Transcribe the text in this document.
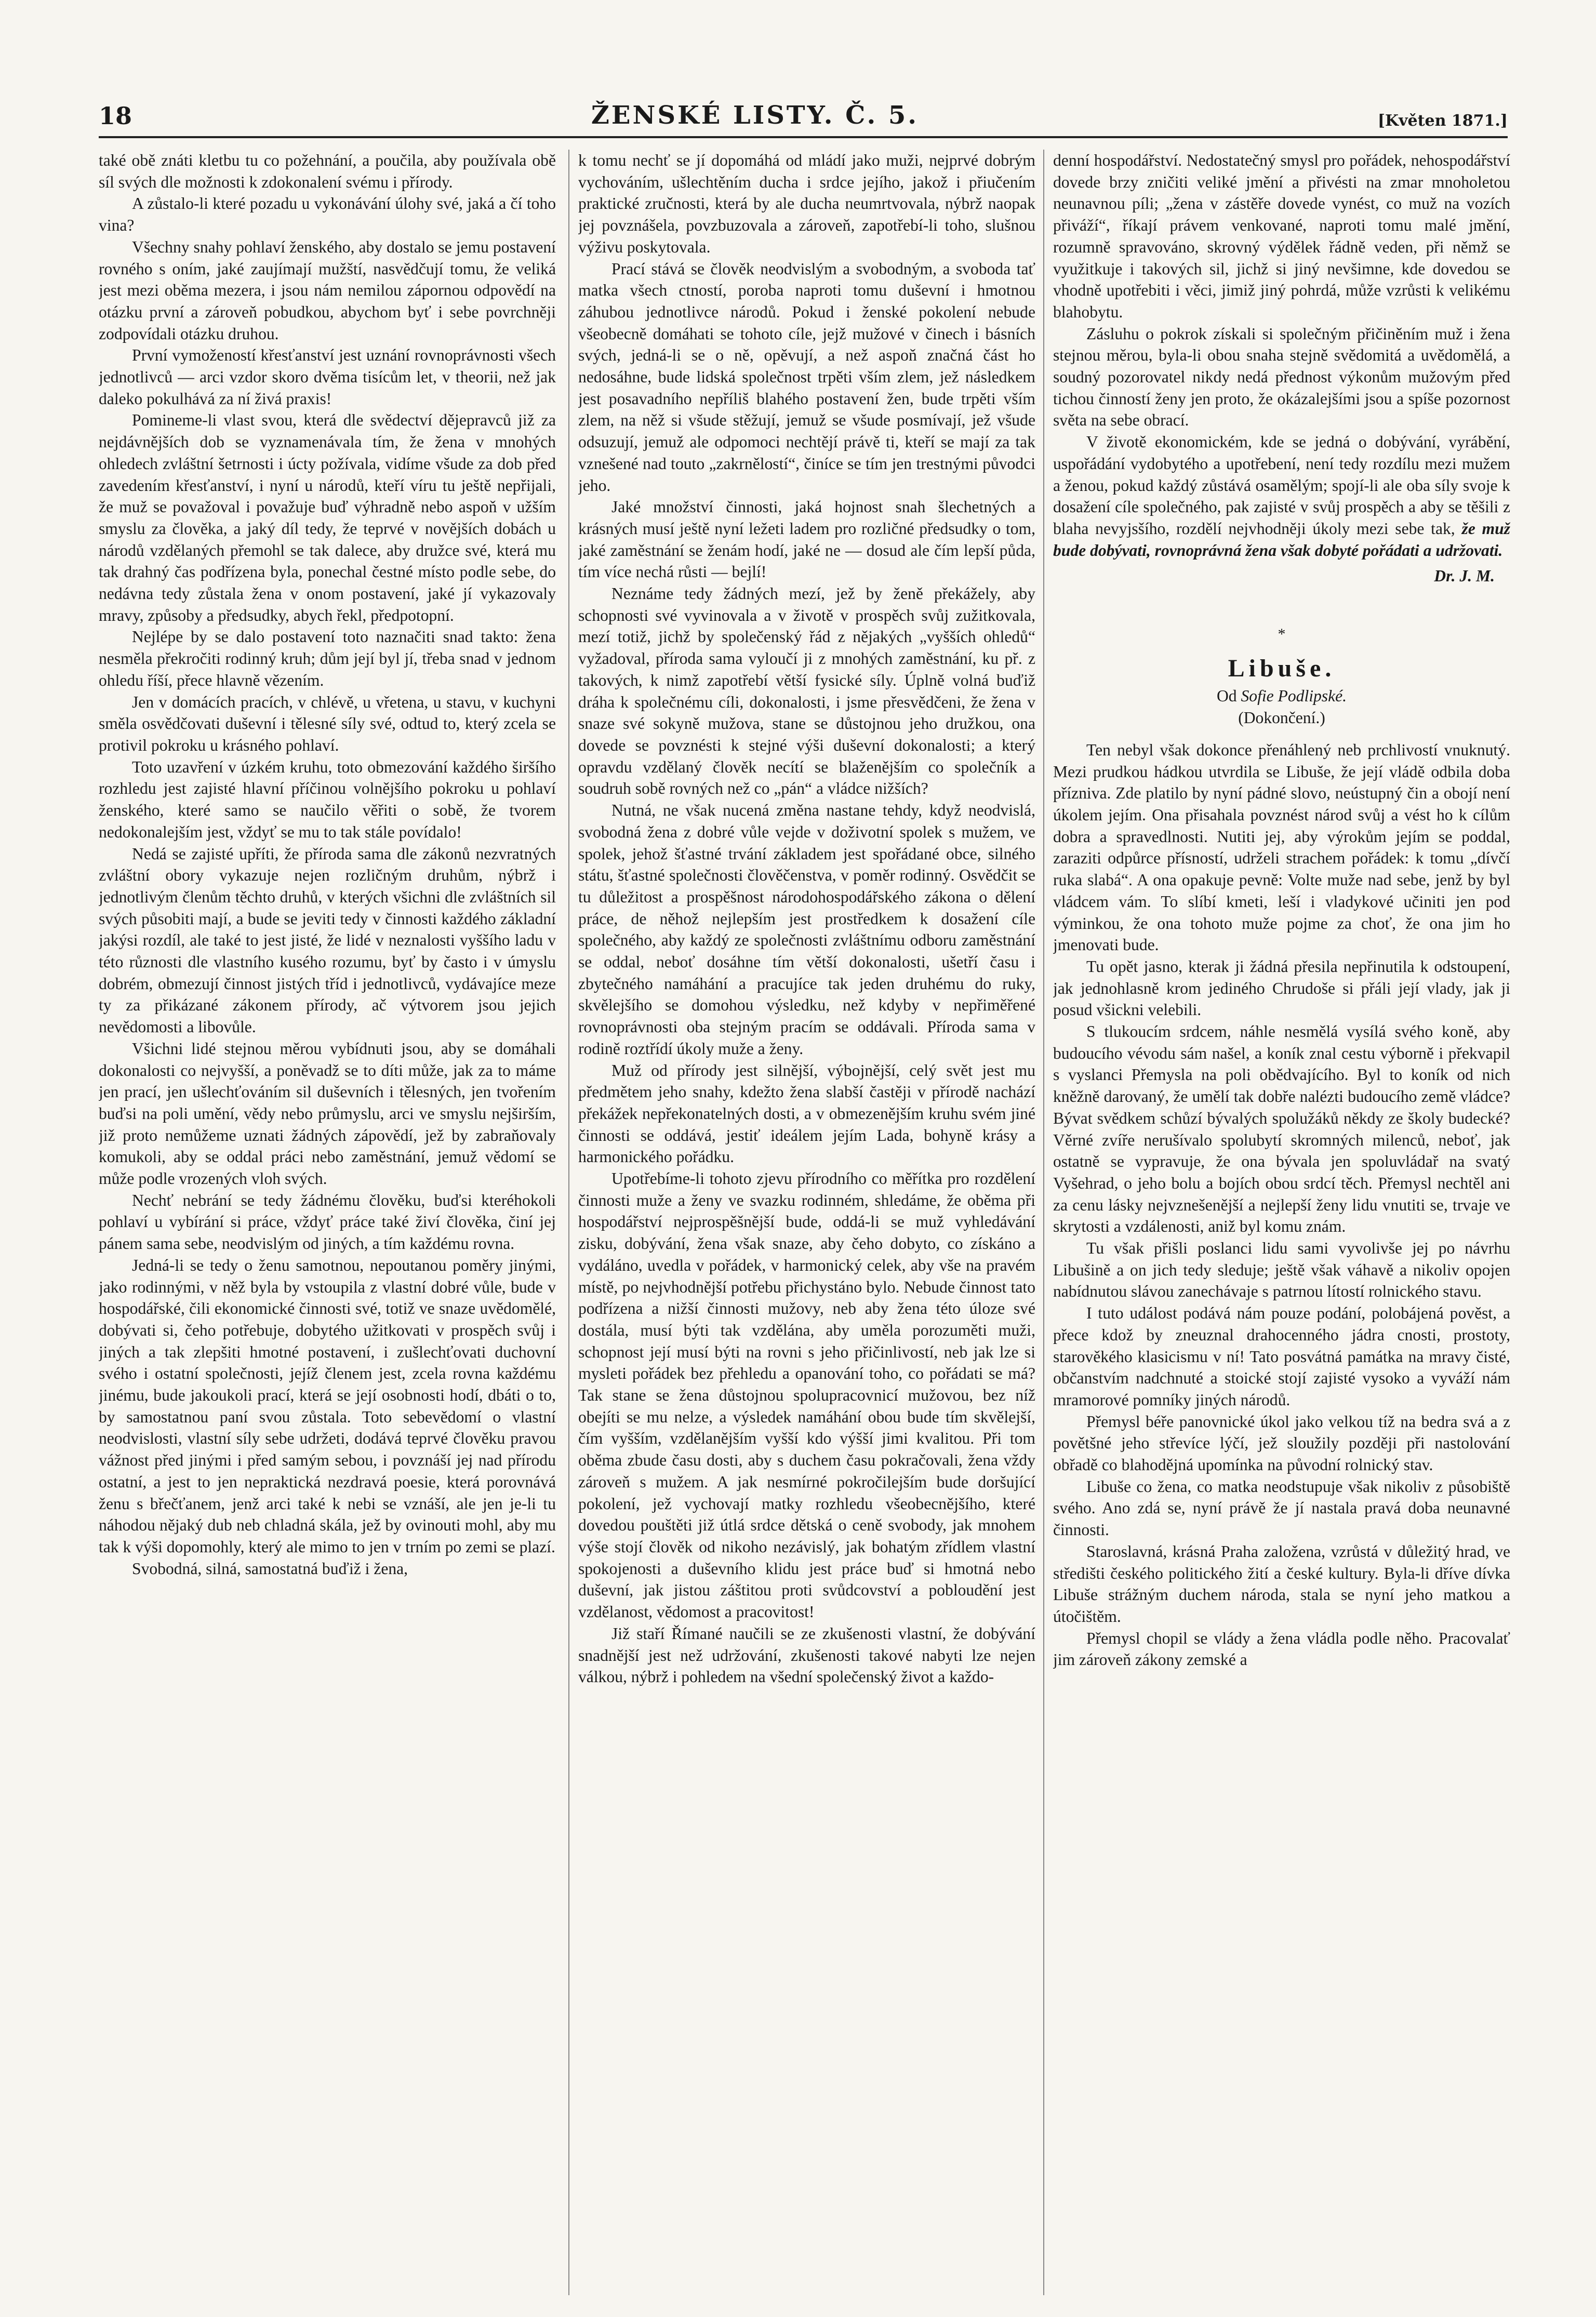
18	ŽENSKÉ LISTY. Č. 5.	[Květen 1871.]

také obě znáti kletbu tu co požehnání, a poučila, aby používala obě síl svých dle možnosti k zdokonalení svému i přírody.

A zůstalo-li které pozadu u vykonávání úlohy své, jaká a čí toho vina?

Všechny snahy pohlaví ženského, aby dostalo se jemu postavení rovného s oním, jaké zaujímají mužští, nasvědčují tomu, že veliká jest mezi oběma mezera, i jsou nám nemilou zápornou odpovědí na otázku první a zároveň pobudkou, abychom byť i sebe povrchněji zodpovídali otázku druhou.

První vymožeností křesťanství jest uznání rovnoprávnosti všech jednotlivců — arci vzdor skoro dvěma tisícům let, v theorii, než jak daleko pokulhává za ní živá praxis!

Pomineme-li vlast svou, která dle svědectví dějepravců již za nejdávnějších dob se vyznamenávala tím, že žena v mnohých ohledech zvláštní šetrnosti i úcty požívala, vidíme všude za dob před zavedením křesťanství, i nyní u národů, kteří víru tu ještě nepřijali, že muž se považoval i považuje buď výhradně nebo aspoň v užším smyslu za člověka, a jaký díl tedy, že teprvé v novějších dobách u národů vzdělaných přemohl se tak dalece, aby družce své, která mu tak drahný čas podřízena byla, ponechal čestné místo podle sebe, do nedávna tedy zůstala žena v onom postavení, jaké jí vykazovaly mravy, způsoby a předsudky, abych řekl, předpotopní.

Nejlépe by se dalo postavení toto naznačiti snad takto: žena nesměla překročiti rodinný kruh; dům její byl jí, třeba snad v jednom ohledu říší, přece hlavně vězením.

Jen v domácích pracích, v chlévě, u vřetena, u stavu, v kuchyni směla osvědčovati duševní i tělesné síly své, odtud to, který zcela se protivil pokroku u krásného pohlaví.

Toto uzavření v úzkém kruhu, toto obmezování každého širšího rozhledu jest zajisté hlavní příčinou volnějšího pokroku u pohlaví ženského, které samo se naučilo věřiti o sobě, že tvorem nedokonalejším jest, vždyť se mu to tak stále povídalo!

Nedá se zajisté upříti, že příroda sama dle zákonů nezvratných zvláštní obory vykazuje nejen rozličným druhům, nýbrž i jednotlivým členům těchto druhů, v kterých všichni dle zvláštních sil svých působiti mají, a bude se jeviti tedy v činnosti každého základní jakýsi rozdíl, ale také to jest jisté, že lidé v neznalosti vyššího ladu v této různosti dle vlastního kusého rozumu, byť by často i v úmyslu dobrém, obmezují činnost jistých tříd i jednotlivců, vydávajíce meze ty za přikázané zákonem přírody, ač výtvorem jsou jejich nevědomosti a libovůle.

Všichni lidé stejnou měrou vybídnuti jsou, aby se domáhali dokonalosti co nejvyšší, a poněvadž se to díti může, jak za to máme jen prací, jen ušlechťováním sil duševních i tělesných, jen tvořením buďsi na poli umění, vědy nebo průmyslu, arci ve smyslu nejširším, již proto nemůžeme uznati žádných zápovědí, jež by zabraňovaly komukoli, aby se oddal práci nebo zaměstnání, jemuž vědomí se může podle vrozených vloh svých.

Nechť nebrání se tedy žádnému člověku, buďsi kteréhokoli pohlaví u vybírání si práce, vždyť práce také živí člověka, činí jej pánem sama sebe, neodvislým od jiných, a tím každému rovna.

Jedná-li se tedy o ženu samotnou, nepoutanou poměry jinými, jako rodinnými, v něž byla by vstoupila z vlastní dobré vůle, bude v hospodářské, čili ekonomické činnosti své, totiž ve snaze uvědomělé, dobývati si, čeho potřebuje, dobytého užitkovati v prospěch svůj i jiných a tak zlepšiti hmotné postavení, i zušlechťovati duchovní svého i ostatní společnosti, jejíž členem jest, zcela rovna každému jinému, bude jakoukoli prací, která se její osobnosti hodí, dbáti o to, by samostatnou paní svou zůstala. Toto sebevědomí o vlastní neodvislosti, vlastní síly sebe udržeti, dodává teprvé člověku pravou vážnost před jinými i před samým sebou, i povznáší jej nad přírodu ostatní, a jest to jen nepraktická nezdravá poesie, která porovnává ženu s břečťanem, jenž arci také k nebi se vznáší, ale jen je-li tu náhodou nějaký dub neb chladná skála, jež by ovinouti mohl, aby mu tak k výši dopomohly, který ale mimo to jen v trním po zemi se plazí.

Svobodná, silná, samostatná buďiž i žena,

k tomu nechť se jí dopomáhá od mládí jako muži, nejprvé dobrým vychováním, ušlechtěním ducha i srdce jejího, jakož i přiučením praktické zručnosti, která by ale ducha neumrtvovala, nýbrž naopak jej povznášela, povzbuzovala a zároveň, zapotřebí-li toho, slušnou výživu poskytovala.

Prací stává se člověk neodvislým a svobodným, a svoboda tať matka všech ctností, poroba naproti tomu duševní i hmotnou záhubou jednotlivce národů. Pokud i ženské pokolení nebude všeobecně domáhati se tohoto cíle, jejž mužové v činech i básních svých, jedná-li se o ně, opěvují, a než aspoň značná část ho nedosáhne, bude lidská společnost trpěti vším zlem, jež následkem jest posavadního nepříliš blahého postavení žen, bude trpěti vším zlem, na něž si všude stěžují, jemuž se všude posmívají, jež všude odsuzují, jemuž ale odpomoci nechtějí právě ti, kteří se mají za tak vznešené nad touto „zakrnělostí“, činíce se tím jen trestnými původci jeho.

Jaké množství činnosti, jaká hojnost snah šlechetných a krásných musí ještě nyní ležeti ladem pro rozličné předsudky o tom, jaké zaměstnání se ženám hodí, jaké ne — dosud ale čím lepší půda, tím více nechá růsti — bejlí!

Neznáme tedy žádných mezí, jež by ženě překážely, aby schopnosti své vyvinovala a v životě v prospěch svůj zužitkovala, mezí totiž, jichž by společenský řád z nějakých „vyšších ohledů“ vyžadoval, příroda sama vyloučí ji z mnohých zaměstnání, ku př. z takových, k nimž zapotřebí větší fysické síly. Úplně volná buďiž dráha k společnému cíli, dokonalosti, i jsme přesvědčeni, že žena v snaze své sokyně mužova, stane se důstojnou jeho družkou, ona dovede se povznésti k stejné výši duševní dokonalosti; a který opravdu vzdělaný člověk necítí se blaženějším co společník a soudruh sobě rovných než co „pán“ a vládce nižších?

Nutná, ne však nucená změna nastane tehdy, když neodvislá, svobodná žena z dobré vůle vejde v doživotní spolek s mužem, ve spolek, jehož šťastné trvání základem jest spořádané obce, silného státu, šťastné společnosti člověčenstva, v poměr rodinný. Osvědčit se tu důležitost a prospěšnost národohospodářského zákona o dělení práce, de něhož nejlepším jest prostředkem k dosažení cíle společného, aby každý ze společnosti zvláštnímu odboru zaměstnání se oddal, neboť dosáhne tím větší dokonalosti, ušetří času i zbytečného namáhání a pracujíce tak jeden druhému do ruky, skvělejšího se domohou výsledku, než kdyby v nepřiměřené rovnoprávnosti oba stejným pracím se oddávali. Příroda sama v rodině roztřídí úkoly muže a ženy.

Muž od přírody jest silnější, výbojnější, celý svět jest mu předmětem jeho snahy, kdežto žena slabší častěji v přírodě nachází překážek nepřekonatelných dosti, a v obmezenějším kruhu svém jiné činnosti se oddává, jestiť ideálem jejím Lada, bohyně krásy a harmonického pořádku.

Upotřebíme-li tohoto zjevu přírodního co měřítka pro rozdělení činnosti muže a ženy ve svazku rodinném, shledáme, že oběma při hospodářství nejprospěšnější bude, oddá-li se muž vyhledávání zisku, dobývání, žena však snaze, aby čeho dobyto, co získáno a vydáláno, uvedla v pořádek, v harmonický celek, aby vše na pravém místě, po nejvhodnější potřebu přichystáno bylo. Nebude činnost tato podřízena a nižší činnosti mužovy, neb aby žena této úloze své dostála, musí býti tak vzdělána, aby uměla porozuměti muži, schopnost její musí býti na rovni s jeho přičinlivostí, neb jak lze si mysleti pořádek bez přehledu a opanování toho, co pořádati se má? Tak stane se žena důstojnou spolupracovnicí mužovou, bez níž obejíti se mu nelze, a výsledek namáhání obou bude tím skvělejší, čím vyšším, vzdělanějším vyšší kdo výšší jimi kvalitou. Při tom oběma zbude času dosti, aby s duchem času pokračovali, žena vždy zároveň s mužem. A jak nesmírné pokročilejším bude doršující pokolení, jež vychovají matky rozhledu všeobecnějšího, které dovedou pouštěti již útlá srdce dětská o ceně svobody, jak mnohem výše stojí člověk od nikoho nezávislý, jak bohatým zřídlem vlastní spokojenosti a duševního klidu jest práce buď si hmotná nebo duševní, jak jistou záštitou proti svůdcovství a pobloudění jest vzdělanost, vědomost a pracovitost!

Již staří Římané naučili se ze zkušenosti vlastní, že dobývání snadnější jest než udržování, zkušenosti takové nabyti lze nejen válkou, nýbrž i pohledem na všední společenský život a každo-

denní hospodářství. Nedostatečný smysl pro pořádek, nehospodářství dovede brzy zničiti veliké jmění a přivésti na zmar mnoholetou neunavnou píli; „žena v zástěře dovede vynést, co muž na vozích přiváží“, říkají právem venkované, naproti tomu malé jmění, rozumně spravováno, skrovný výdělek řádně veden, při němž se využitkuje i takových sil, jichž si jiný nevšimne, kde dovedou se vhodně upotřebiti i věci, jimiž jiný pohrdá, může vzrůsti k velikému blahobytu.

Zásluhu o pokrok získali si společným přičiněním muž i žena stejnou měrou, byla-li obou snaha stejně svědomitá a uvědomělá, a soudný pozorovatel nikdy nedá přednost výkonům mužovým před tichou činností ženy jen proto, že okázalejšími jsou a spíše pozornost světa na sebe obrací.

V životě ekonomickém, kde se jedná o dobývání, vyrábění, uspořádání vydobytého a upotřebení, není tedy rozdílu mezi mužem a ženou, pokud každý zůstává osamělým; spojí-li ale oba síly svoje k dosažení cíle společného, pak zajisté v svůj prospěch a aby se těšili z blaha nevyjsšího, rozdělí nejvhodněji úkoly mezi sebe tak, že muž bude dobývati, rovnoprávná žena však dobyté pořádati a udržovati.

Dr. J. M.
*
Libuše.
Od Sofie Podlipské.
(Dokončení.)

Ten nebyl však dokonce přenáhlený neb prchlivostí vnuknutý. Mezi prudkou hádkou utvrdila se Libuše, že její vládě odbila doba přízniva. Zde platilo by nyní pádné slovo, neústupný čin a obojí není úkolem jejím. Ona přisahala povznést národ svůj a vést ho k cílům dobra a spravedlnosti. Nutiti jej, aby výrokům jejím se poddal, zaraziti odpůrce přísností, udrželi strachem pořádek: k tomu „dívčí ruka slabá“. A ona opakuje pevně: Volte muže nad sebe, jenž by byl vládcem vám. To slíbí kmeti, leší i vladykové učiniti jen pod výminkou, že ona tohoto muže pojme za choť, že ona jim ho jmenovati bude.

Tu opět jasno, kterak ji žádná přesila nepřinutila k odstoupení, jak jednohlasně krom jediného Chrudoše si přáli její vlady, jak ji posud všickni velebili.

S tlukoucím srdcem, náhle nesmělá vysílá svého koně, aby budoucího vévodu sám našel, a koník znal cestu výborně i překvapil s vyslanci Přemysla na poli obědvajícího. Byl to koník od nich kněžně darovaný, že umělí tak dobře nalézti budoucího země vládce? Bývat svědkem schůzí bývalých spolužáků někdy ze školy budecké? Věrné zvíře nerušívalo spolubytí skromných milenců, neboť, jak ostatně se vypravuje, že ona bývala jen spoluvládař na svatý Vyšehrad, o jeho bolu a bojích obou srdcí těch. Přemysl nechtěl ani za cenu lásky nejvznešenější a nejlepší ženy lidu vnutiti se, trvaje ve skrytosti a vzdálenosti, aniž byl komu znám.

Tu však přišli poslanci lidu sami vyvolivše jej po návrhu Libušině a on jich tedy sleduje; ještě však váhavě a nikoliv opojen nabídnutou slávou zanechávaje s patrnou lítostí rolnického stavu.

I tuto událost podává nám pouze podání, polobájená pověst, a přece kdož by zneuznal drahocenného jádra cnosti, prostoty, starověkého klasicismu v ní! Tato posvátná památka na mravy čisté, občanstvím nadchnuté a stoické stojí zajisté vysoko a vyváží nám mramorové pomníky jiných národů.

Přemysl béře panovnické úkol jako velkou tíž na bedra svá a z povětšné jeho střevíce lýčí, jež sloužily později při nastolování obřadě co blahodějná upomínka na původní rolnický stav.

Libuše co žena, co matka neodstupuje však nikoliv z působiště svého. Ano zdá se, nyní právě že jí nastala pravá doba neunavné činnosti.

Staroslavná, krásná Praha založena, vzrůstá v důležitý hrad, ve středišti českého politického žití a české kultury. Byla-li dříve dívka Libuše strážným duchem národa, stala se nyní jeho matkou a útočištěm.

Přemysl chopil se vlády a žena vládla podle něho. Pracovalať jim zároveň zákony zemské a
